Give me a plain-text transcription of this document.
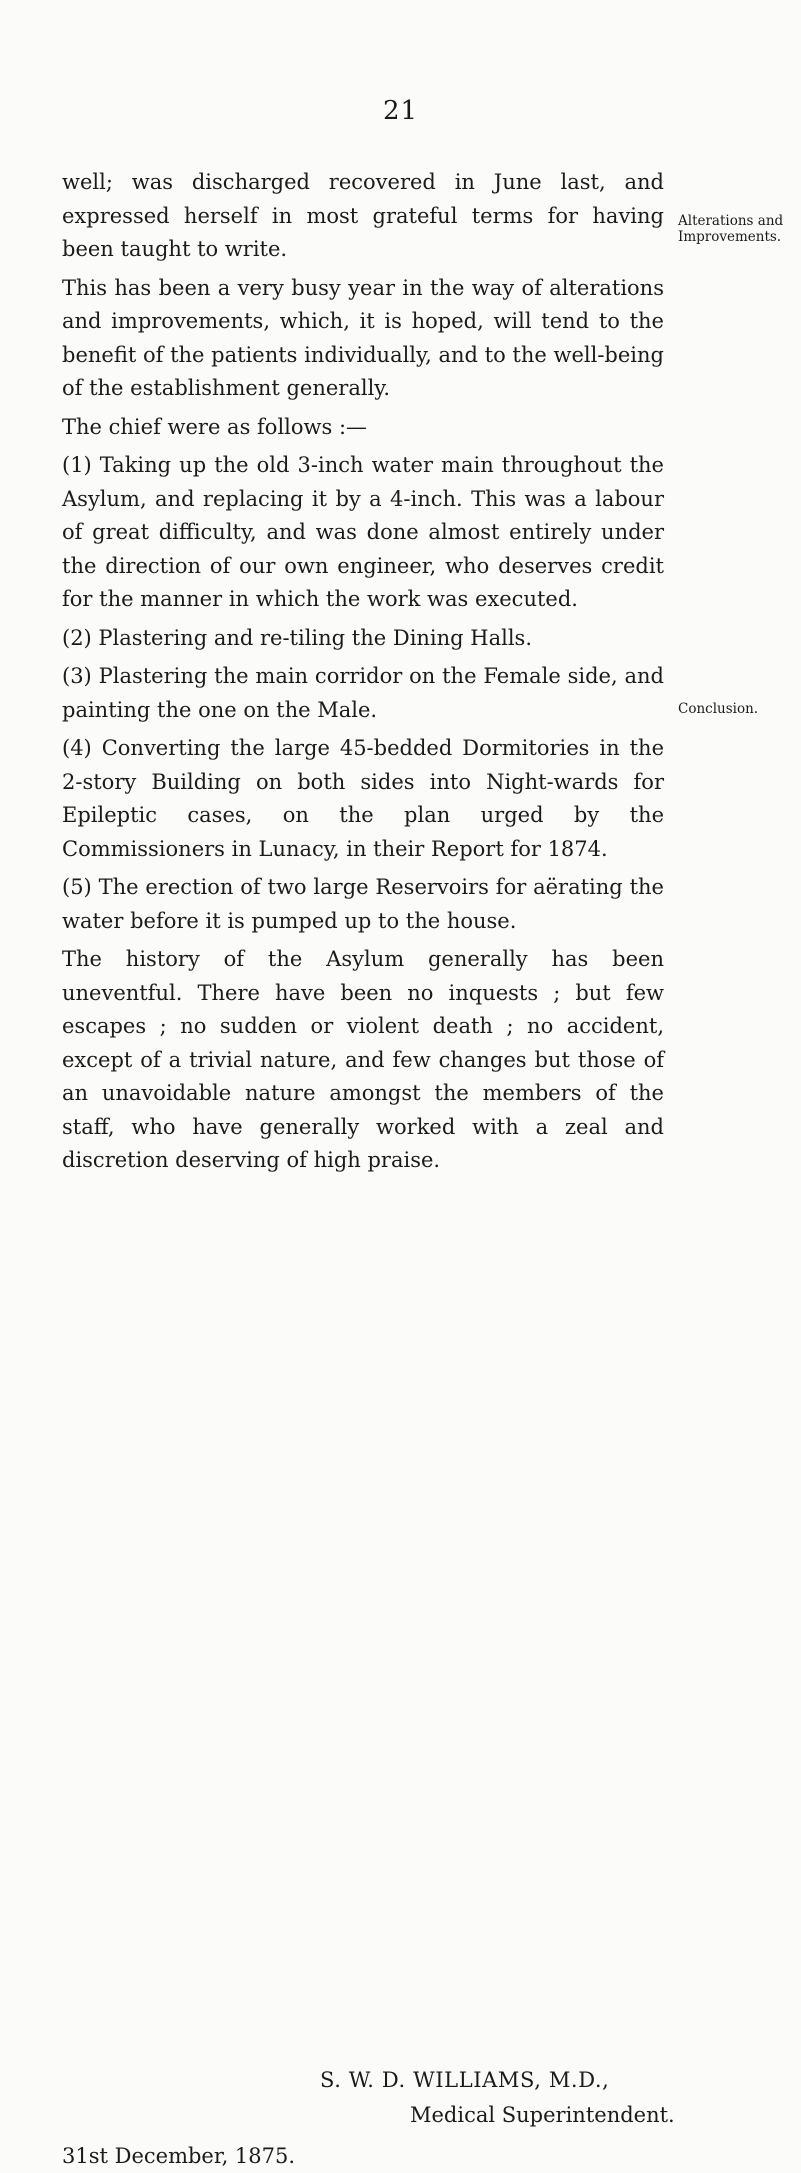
21

well; was discharged recovered in June last, and expressed herself in most grateful terms for having been taught to write.

This has been a very busy year in the way of alterations and improvements, which, it is hoped, will tend to the benefit of the patients individually, and to the well-being of the establishment generally.

The chief were as follows :—

(1) Taking up the old 3-inch water main throughout the Asylum, and replacing it by a 4-inch. This was a labour of great difficulty, and was done almost entirely under the direction of our own engineer, who deserves credit for the manner in which the work was executed.

(2) Plastering and re-tiling the Dining Halls.

(3) Plastering the main corridor on the Female side, and painting the one on the Male.

(4) Converting the large 45-bedded Dormitories in the 2-story Building on both sides into Night-wards for Epileptic cases, on the plan urged by the Commissioners in Lunacy, in their Report for 1874.

(5) The erection of two large Reservoirs for aërating the water before it is pumped up to the house.

The history of the Asylum generally has been uneventful. There have been no inquests ; but few escapes ; no sudden or violent death ; no accident, except of a trivial nature, and few changes but those of an unavoidable nature amongst the members of the staff, who have generally worked with a zeal and discretion deserving of high praise.

S. W. D. WILLIAMS, M.D.,
Medical Superintendent.
31st December, 1875.
Alterations and Improvements.
Conclusion.
